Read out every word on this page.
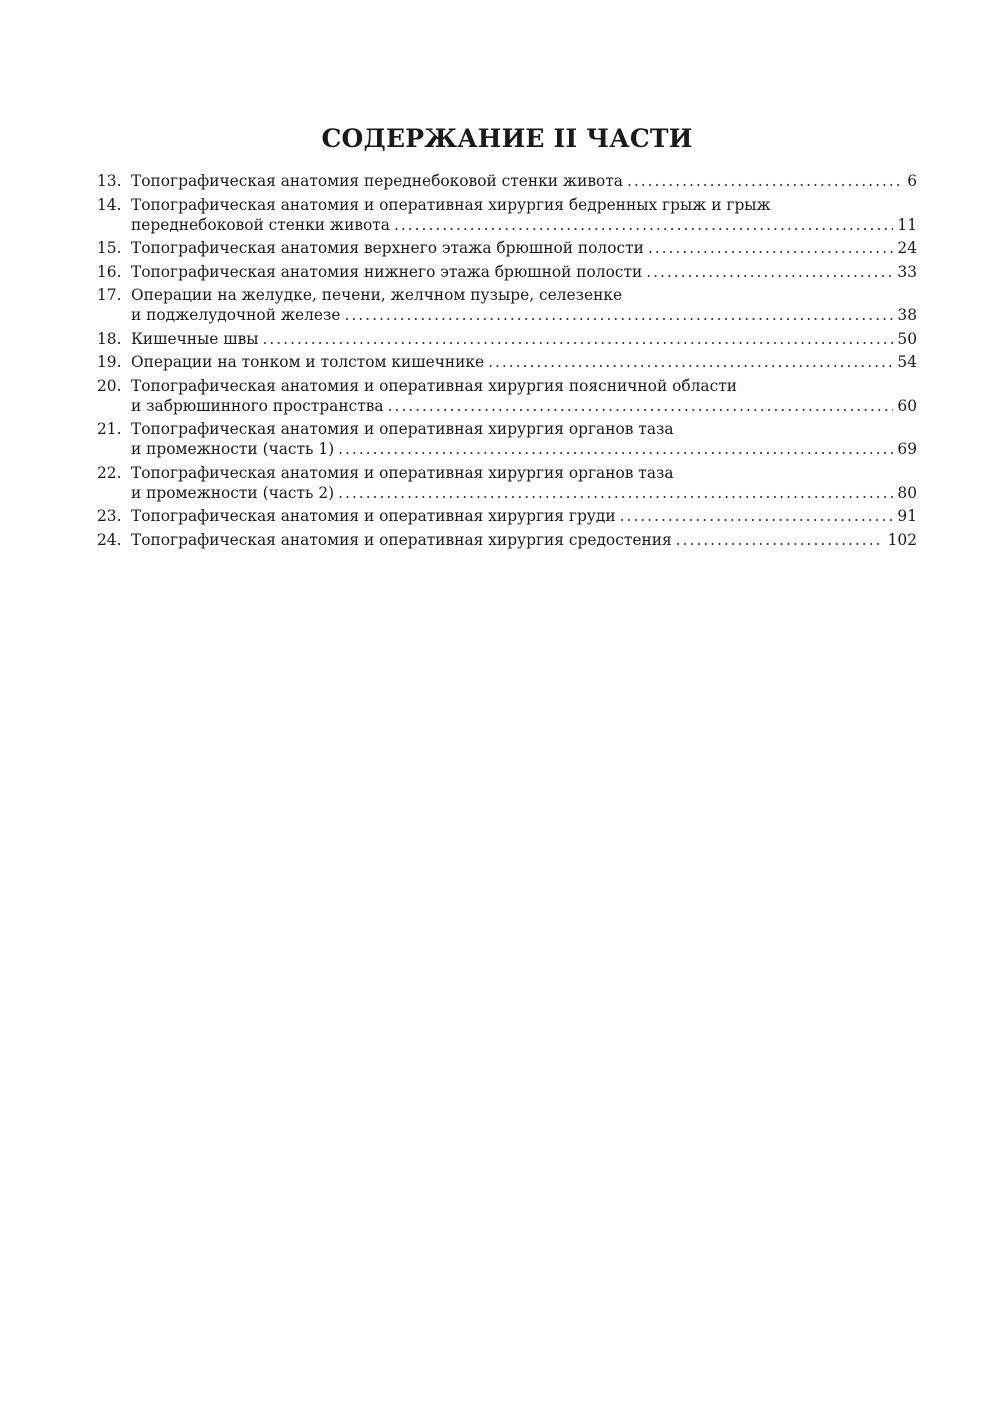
СОДЕРЖАНИЕ II ЧАСТИ
13. Топографическая анатомия переднебоковой стенки живота .....	6
14. Топографическая анатомия и оперативная хирургия бедренных грыж и грыж
переднебоковой стенки живота .....	11
15. Топографическая анатомия верхнего этажа брюшной полости .....	24
16. Топографическая анатомия нижнего этажа брюшной полости .....	33
17. Операции на желудке, печени, желчном пузыре, селезенке
и поджелудочной железе .....	38
18. Кишечные швы .....	50
19. Операции на тонком и толстом кишечнике .....	54
20. Топографическая анатомия и оперативная хирургия поясничной области
и забрюшинного пространства .....	60
21. Топографическая анатомия и оперативная хирургия органов таза
и промежности (часть 1) .....	69
22. Топографическая анатомия и оперативная хирургия органов таза
и промежности (часть 2) .....	80
23. Топографическая анатомия и оперативная хирургия груди .....	91
24. Топографическая анатомия и оперативная хирургия средостения .....	102
